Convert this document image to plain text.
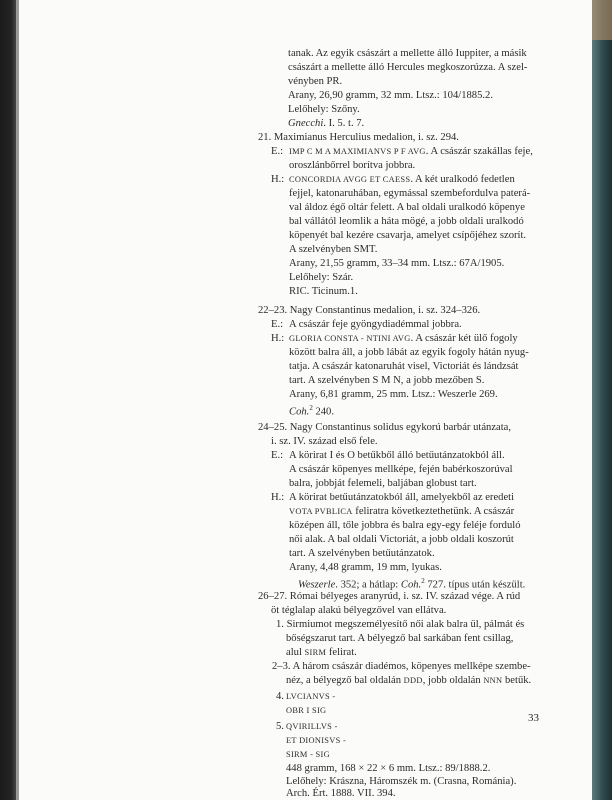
tanak. Az egyik császárt a mellette álló Iuppiter, a másik
császárt a mellette álló Hercules megkoszorúzza. A szel-
vényben PR.
Arany, 26,90 gramm, 32 mm. Ltsz.: 104/1885.2.
Lelőhely: Szőny.
Gnecchi. I. 5. t. 7.
21. Maximianus Herculius medalion, i. sz. 294.
E.: IMP C M A MAXIMIANVS P F AVG. A császár szakállas feje,
oroszlánbőrrel borítva jobbra.
H.: CONCORDIA AVGG ET CAESS. A két uralkodó fedetlen
fejjel, katonaruhában, egymással szembefordulva paterá-
val áldoz égő oltár felett. A bal oldali uralkodó köpenye
bal vállától leomlik a háta mögé, a jobb oldali uralkodó
köpenyét bal kezére csavarja, amelyet csípőjéhez szorít.
A szelvényben SMT.
Arany, 21,55 gramm, 33–34 mm. Ltsz.: 67A/1905.
Lelőhely: Szár.
RIC. Ticinum.1.
22–23. Nagy Constantinus medalion, i. sz. 324–326.
E.: A császár feje gyöngydiadémmal jobbra.
H.: GLORIA CONSTA - NTINI AVG. A császár két ülő fogoly
között balra áll, a jobb lábát az egyik fogoly hátán nyug-
tatja. A császár katonaruhát visel, Victoriát és lándzsát
tart. A szelvényben S M N, a jobb mezőben S.
Arany, 6,81 gramm, 25 mm. Ltsz.: Weszerle 269.
Coh.$^2$ 240.
24–25. Nagy Constantinus solidus egykorú barbár utánzata,
i. sz. IV. század első fele.
E.: A körirat I és O betűkből álló betűutánzatokból áll.
A császár köpenyes mellképe, fején babérkoszorúval
balra, jobbját felemeli, baljában globust tart.
H.: A körirat betűutánzatokból áll, amelyekből az eredeti
VOTA PVBLICA feliratra következtethetünk. A császár
középen áll, tőle jobbra és balra egy-egy feléje forduló
női alak. A bal oldali Victoriát, a jobb oldali koszorút
tart. A szelvényben betűutánzatok.
Arany, 4,48 gramm, 19 mm, lyukas.
Weszerle. 352; a hátlap: Coh.$^2$ 727. típus után készült.
26–27. Római bélyeges aranyrúd, i. sz. IV. század vége. A rúd
öt téglalap alakú bélyegzővel van ellátva.
1. Sirmiumot megszemélyesítő női alak balra ül, pálmát és
bőségszarut tart. A bélyegző bal sarkában fent csillag,
alul SIRM felirat.
2–3. A három császár diadémos, köpenyes mellképe szembe-
néz, a bélyegző bal oldalán DDD, jobb oldalán NNN betűk.
4. LVCIANVS -
OBR I SIG
5. QVIRILLVS -
ET DIONISVS -
SIRM - SIG
448 gramm, 168 × 22 × 6 mm. Ltsz.: 89/1888.2.
Lelőhely: Krászna, Háromszék m. (Crasna, Románia).
Arch. Ért. 1888. VII. 394.
33
